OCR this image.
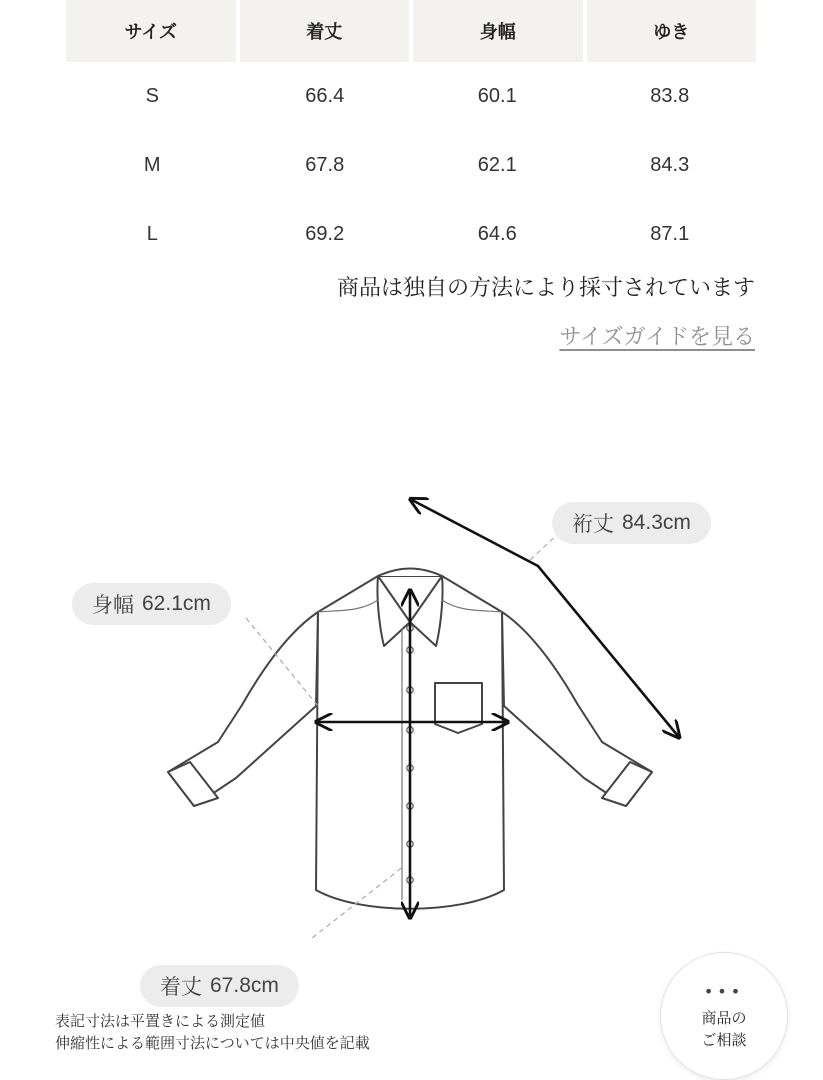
サイズ	着丈	身幅	ゆき
S	66.4	60.1	83.8
M	67.8	62.1	84.3
L	69.2	64.6	87.1
商品は独自の方法により採寸されています
サイズガイドを見る
身幅 62.1cm
裄丈 84.3cm
着丈 67.8cm
表記寸法は平置きによる測定値
伸縮性による範囲寸法については中央値を記載
•••
商品の
ご相談
